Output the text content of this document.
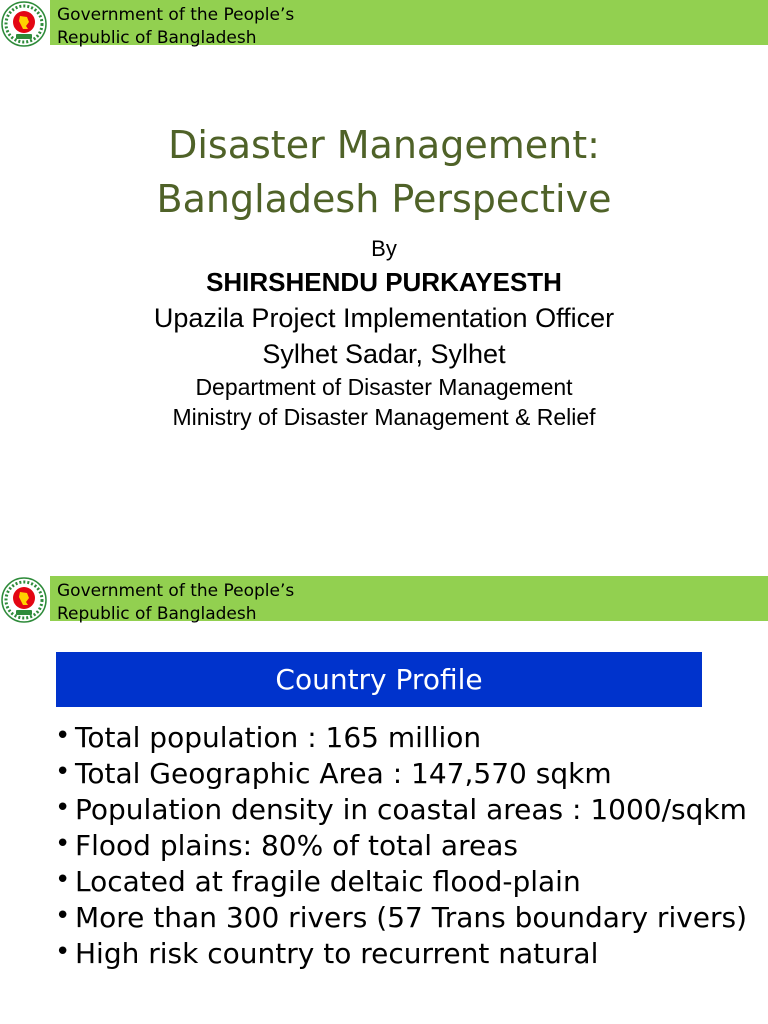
Government of the People’s
Republic of Bangladesh
Disaster Management:
Bangladesh Perspective
By
SHIRSHENDU PURKAYESTH
Upazila Project Implementation Officer
Sylhet Sadar, Sylhet
Department of Disaster Management
Ministry of Disaster Management & Relief
Government of the People’s
Republic of Bangladesh
Country Profile
• Total population : 165 million
• Total Geographic Area : 147,570 sqkm
• Population density in coastal areas : 1000/sqkm
• Flood plains: 80% of total areas
• Located at fragile deltaic flood-plain
• More than 300 rivers (57 Trans boundary rivers)
• High risk country to recurrent natural
